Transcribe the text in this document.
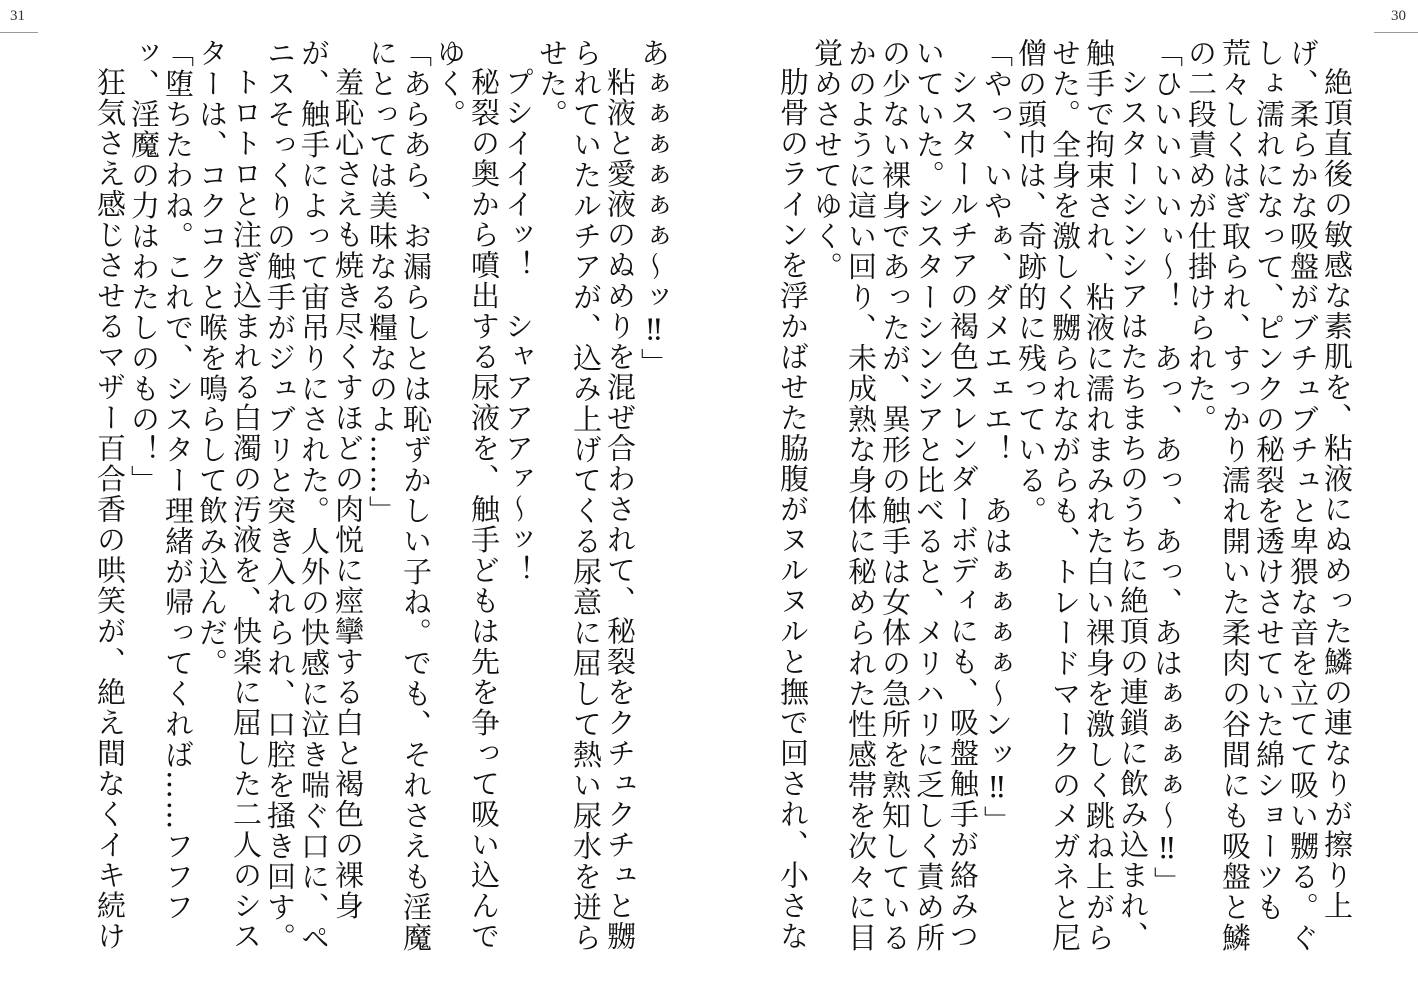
31	30

絶頂直後の敏感な素肌を、粘液にぬめった鱗の連なりが擦り上げ、柔らかな吸盤がブチュブチュと卑猥な音を立てて吸い嬲る。ぐしょ濡れになって、ピンクの秘裂を透けさせていた綿ショーツも荒々しくはぎ取られ、すっかり濡れ開いた柔肉の谷間にも吸盤と鱗の二段責めが仕掛けられた。

「ひいいいいぃ〜！　あっ、あっ、あっ、あはぁぁぁぁ〜‼」

シスターシンシアはたちまちのうちに絶頂の連鎖に飲み込まれ、触手で拘束され、粘液に濡れまみれた白い裸身を激しく跳ね上がらせた。全身を激しく嬲られながらも、トレードマークのメガネと尼僧の頭巾は、奇跡的に残っている。

「やっ、いやぁ、ダメエェエ！　あはぁぁぁぁ〜ンッ‼」

シスタールチアの褐色スレンダーボディにも、吸盤触手が絡みついていた。シスターシンシアと比べると、メリハリに乏しく責め所の少ない裸身であったが、異形の触手は女体の急所を熟知しているかのように這い回り、未成熟な身体に秘められた性感帯を次々に目覚めさせてゆく。

肋骨のラインを浮かばせた脇腹がヌルヌルと撫で回され、小さな

あぁぁぁぁぁぁ〜ッ‼」

粘液と愛液のぬめりを混ぜ合わされて、秘裂をクチュクチュと嬲られていたルチアが、込み上げてくる尿意に屈して熱い尿水を迸らせた。

プシイイイッ！　シャアアアァ〜ッ！

秘裂の奥から噴出する尿液を、触手どもは先を争って吸い込んでゆく。

「あらあら、お漏らしとは恥ずかしい子ね。でも、それさえも淫魔にとっては美味なる糧なのよ……」

羞恥心さえも焼き尽くすほどの肉悦に痙攣する白と褐色の裸身が、触手によって宙吊りにされた。人外の快感に泣き喘ぐ口に、ペニスそっくりの触手がジュブリと突き入れられ、口腔を掻き回す。

トロトロと注ぎ込まれる白濁の汚液を、快楽に屈した二人のシスターは、コクコクと喉を鳴らして飲み込んだ。

「堕ちたわね。これで、シスター理緒が帰ってくれば……フフフッ、淫魔の力はわたしのもの！」

狂気さえ感じさせるマザー百合香の哄笑が、絶え間なくイキ続け
